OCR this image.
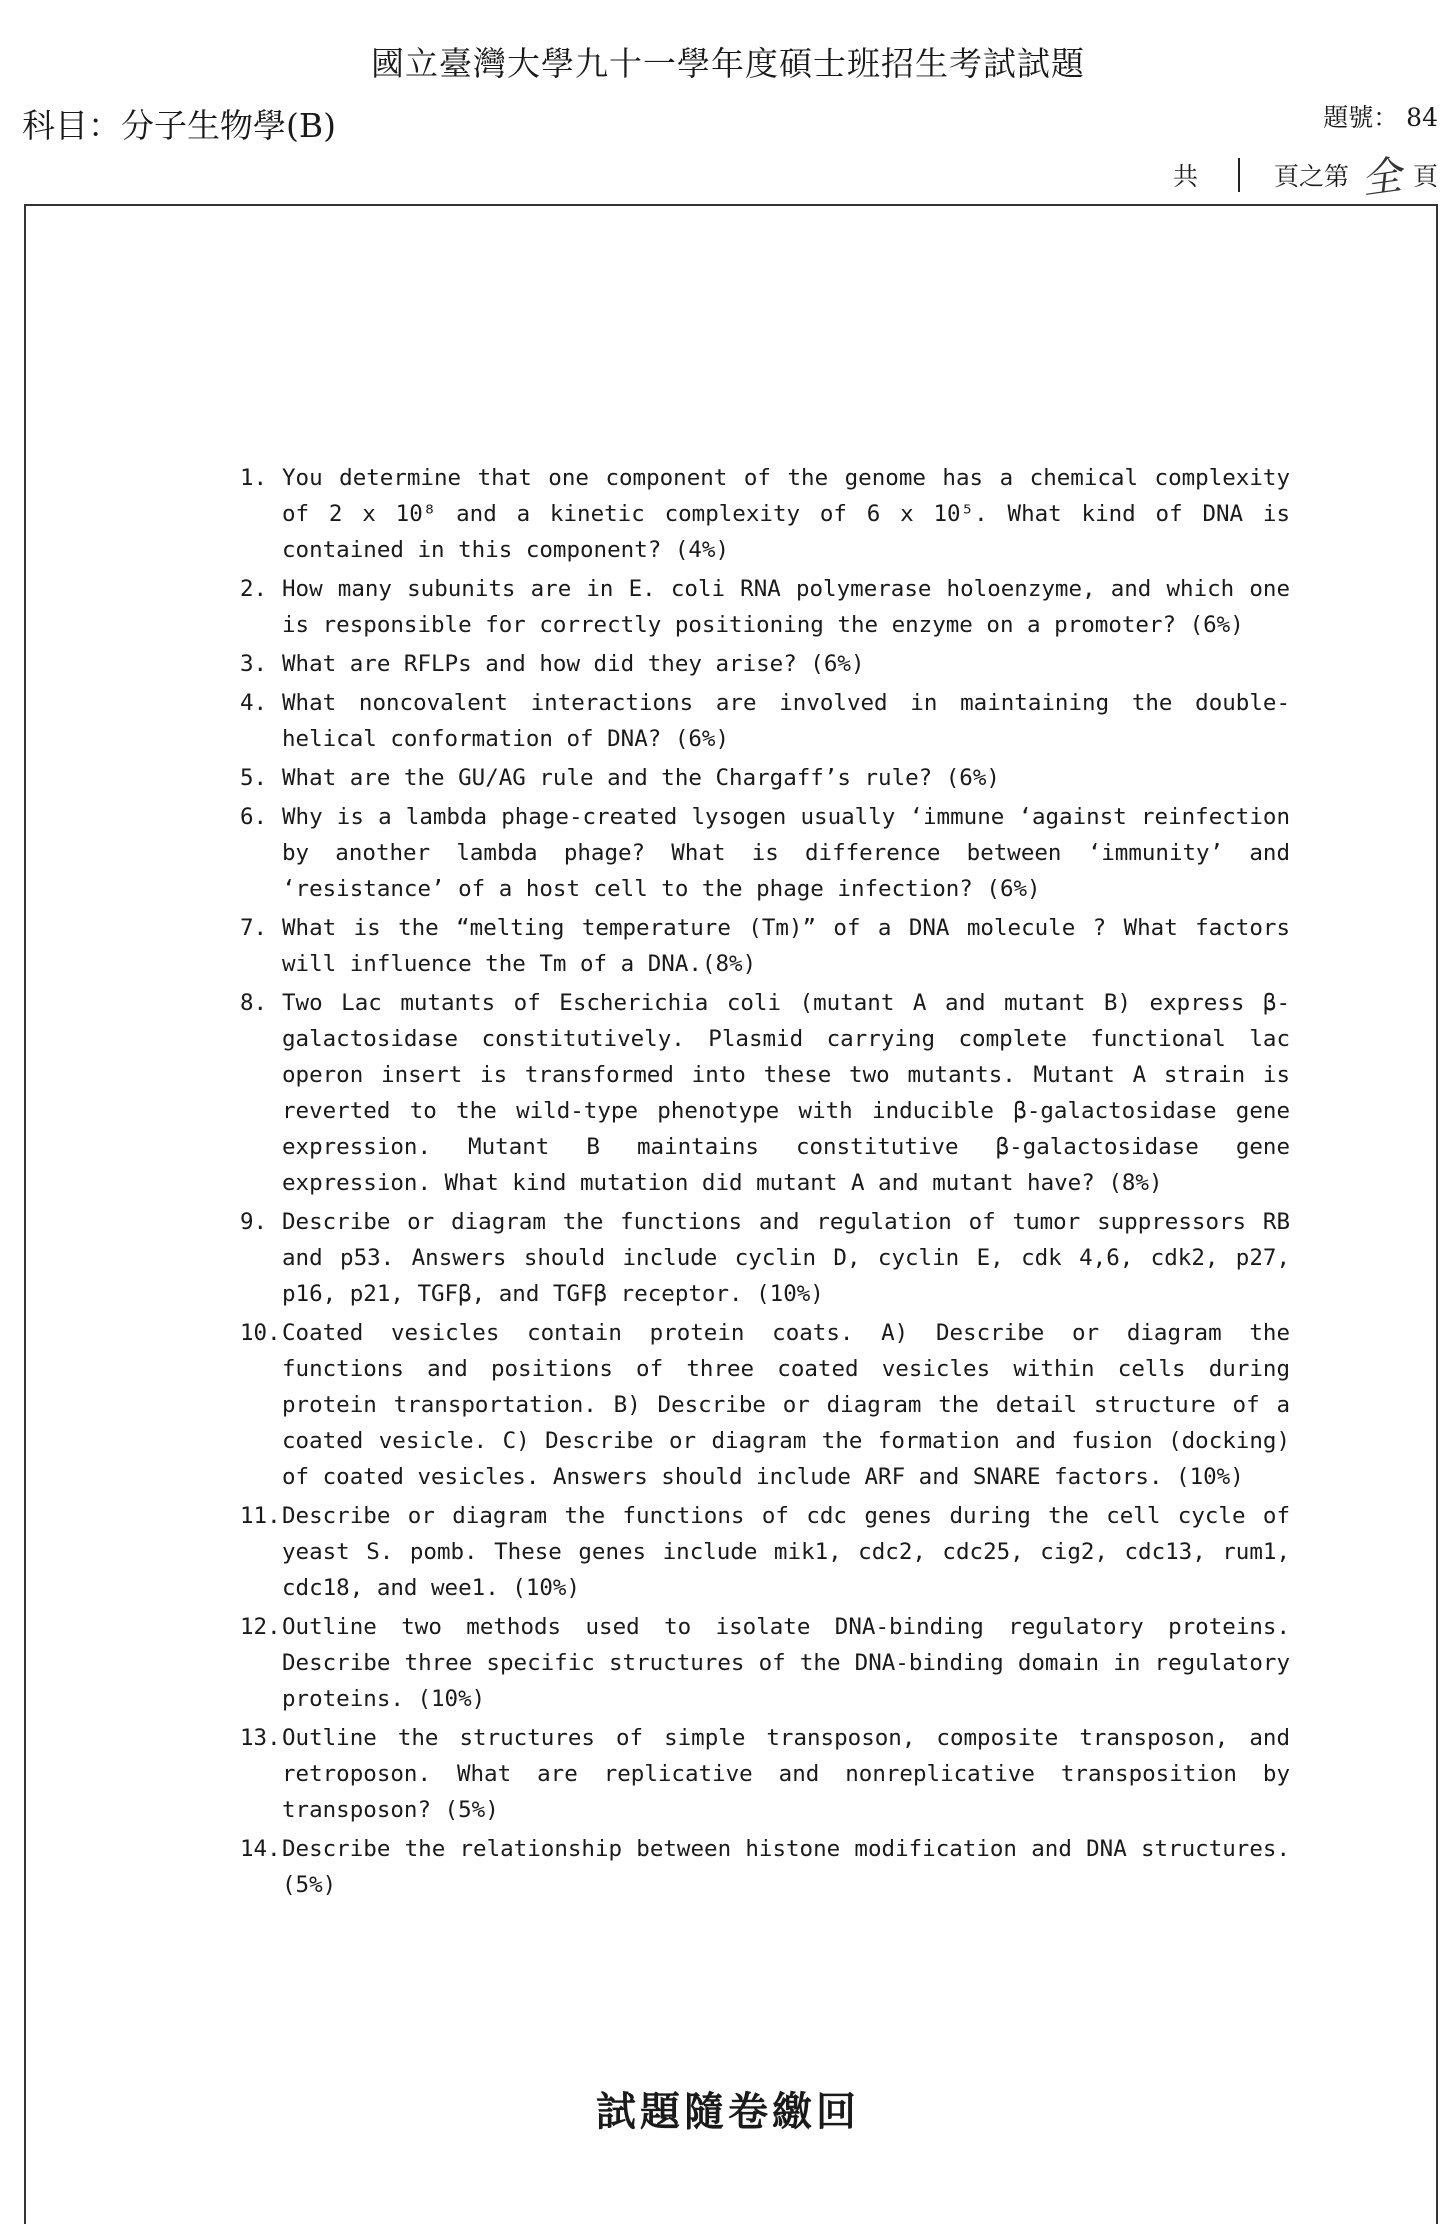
國立臺灣大學九十一學年度碩士班招生考試試題
科目：分子生物學(B)	題號： 84
共	頁之第 全 頁
1. You determine that one component of the genome has a chemical complexity of 2 x 10⁸ and a kinetic complexity of 6 x 10⁵. What kind of DNA is contained in this component? (4%)
2. How many subunits are in E. coli RNA polymerase holoenzyme, and which one is responsible for correctly positioning the enzyme on a promoter? (6%)
3. What are RFLPs and how did they arise? (6%)
4. What noncovalent interactions are involved in maintaining the double-helical conformation of DNA? (6%)
5. What are the GU/AG rule and the Chargaff’s rule? (6%)
6. Why is a lambda phage-created lysogen usually ‘immune ‘against reinfection by another lambda phage? What is difference between ‘immunity’ and ‘resistance’ of a host cell to the phage infection? (6%)
7. What is the “melting temperature (Tm)” of a DNA molecule ? What factors will influence the Tm of a DNA.(8%)
8. Two Lac mutants of Escherichia coli (mutant A and mutant B) express β-galactosidase constitutively. Plasmid carrying complete functional lac operon insert is transformed into these two mutants. Mutant A strain is reverted to the wild-type phenotype with inducible β-galactosidase gene expression. Mutant B maintains constitutive β-galactosidase gene expression. What kind mutation did mutant A and mutant have? (8%)
9. Describe or diagram the functions and regulation of tumor suppressors RB and p53. Answers should include cyclin D, cyclin E, cdk 4,6, cdk2, p27, p16, p21, TGFβ, and TGFβ receptor. (10%)
10. Coated vesicles contain protein coats. A) Describe or diagram the functions and positions of three coated vesicles within cells during protein transportation. B) Describe or diagram the detail structure of a coated vesicle. C) Describe or diagram the formation and fusion (docking) of coated vesicles. Answers should include ARF and SNARE factors. (10%)
11. Describe or diagram the functions of cdc genes during the cell cycle of yeast S. pomb. These genes include mik1, cdc2, cdc25, cig2, cdc13, rum1, cdc18, and wee1. (10%)
12. Outline two methods used to isolate DNA-binding regulatory proteins. Describe three specific structures of the DNA-binding domain in regulatory proteins. (10%)
13. Outline the structures of simple transposon, composite transposon, and retroposon. What are replicative and nonreplicative transposition by transposon? (5%)
14. Describe the relationship between histone modification and DNA structures. (5%)
試題隨卷繳回
